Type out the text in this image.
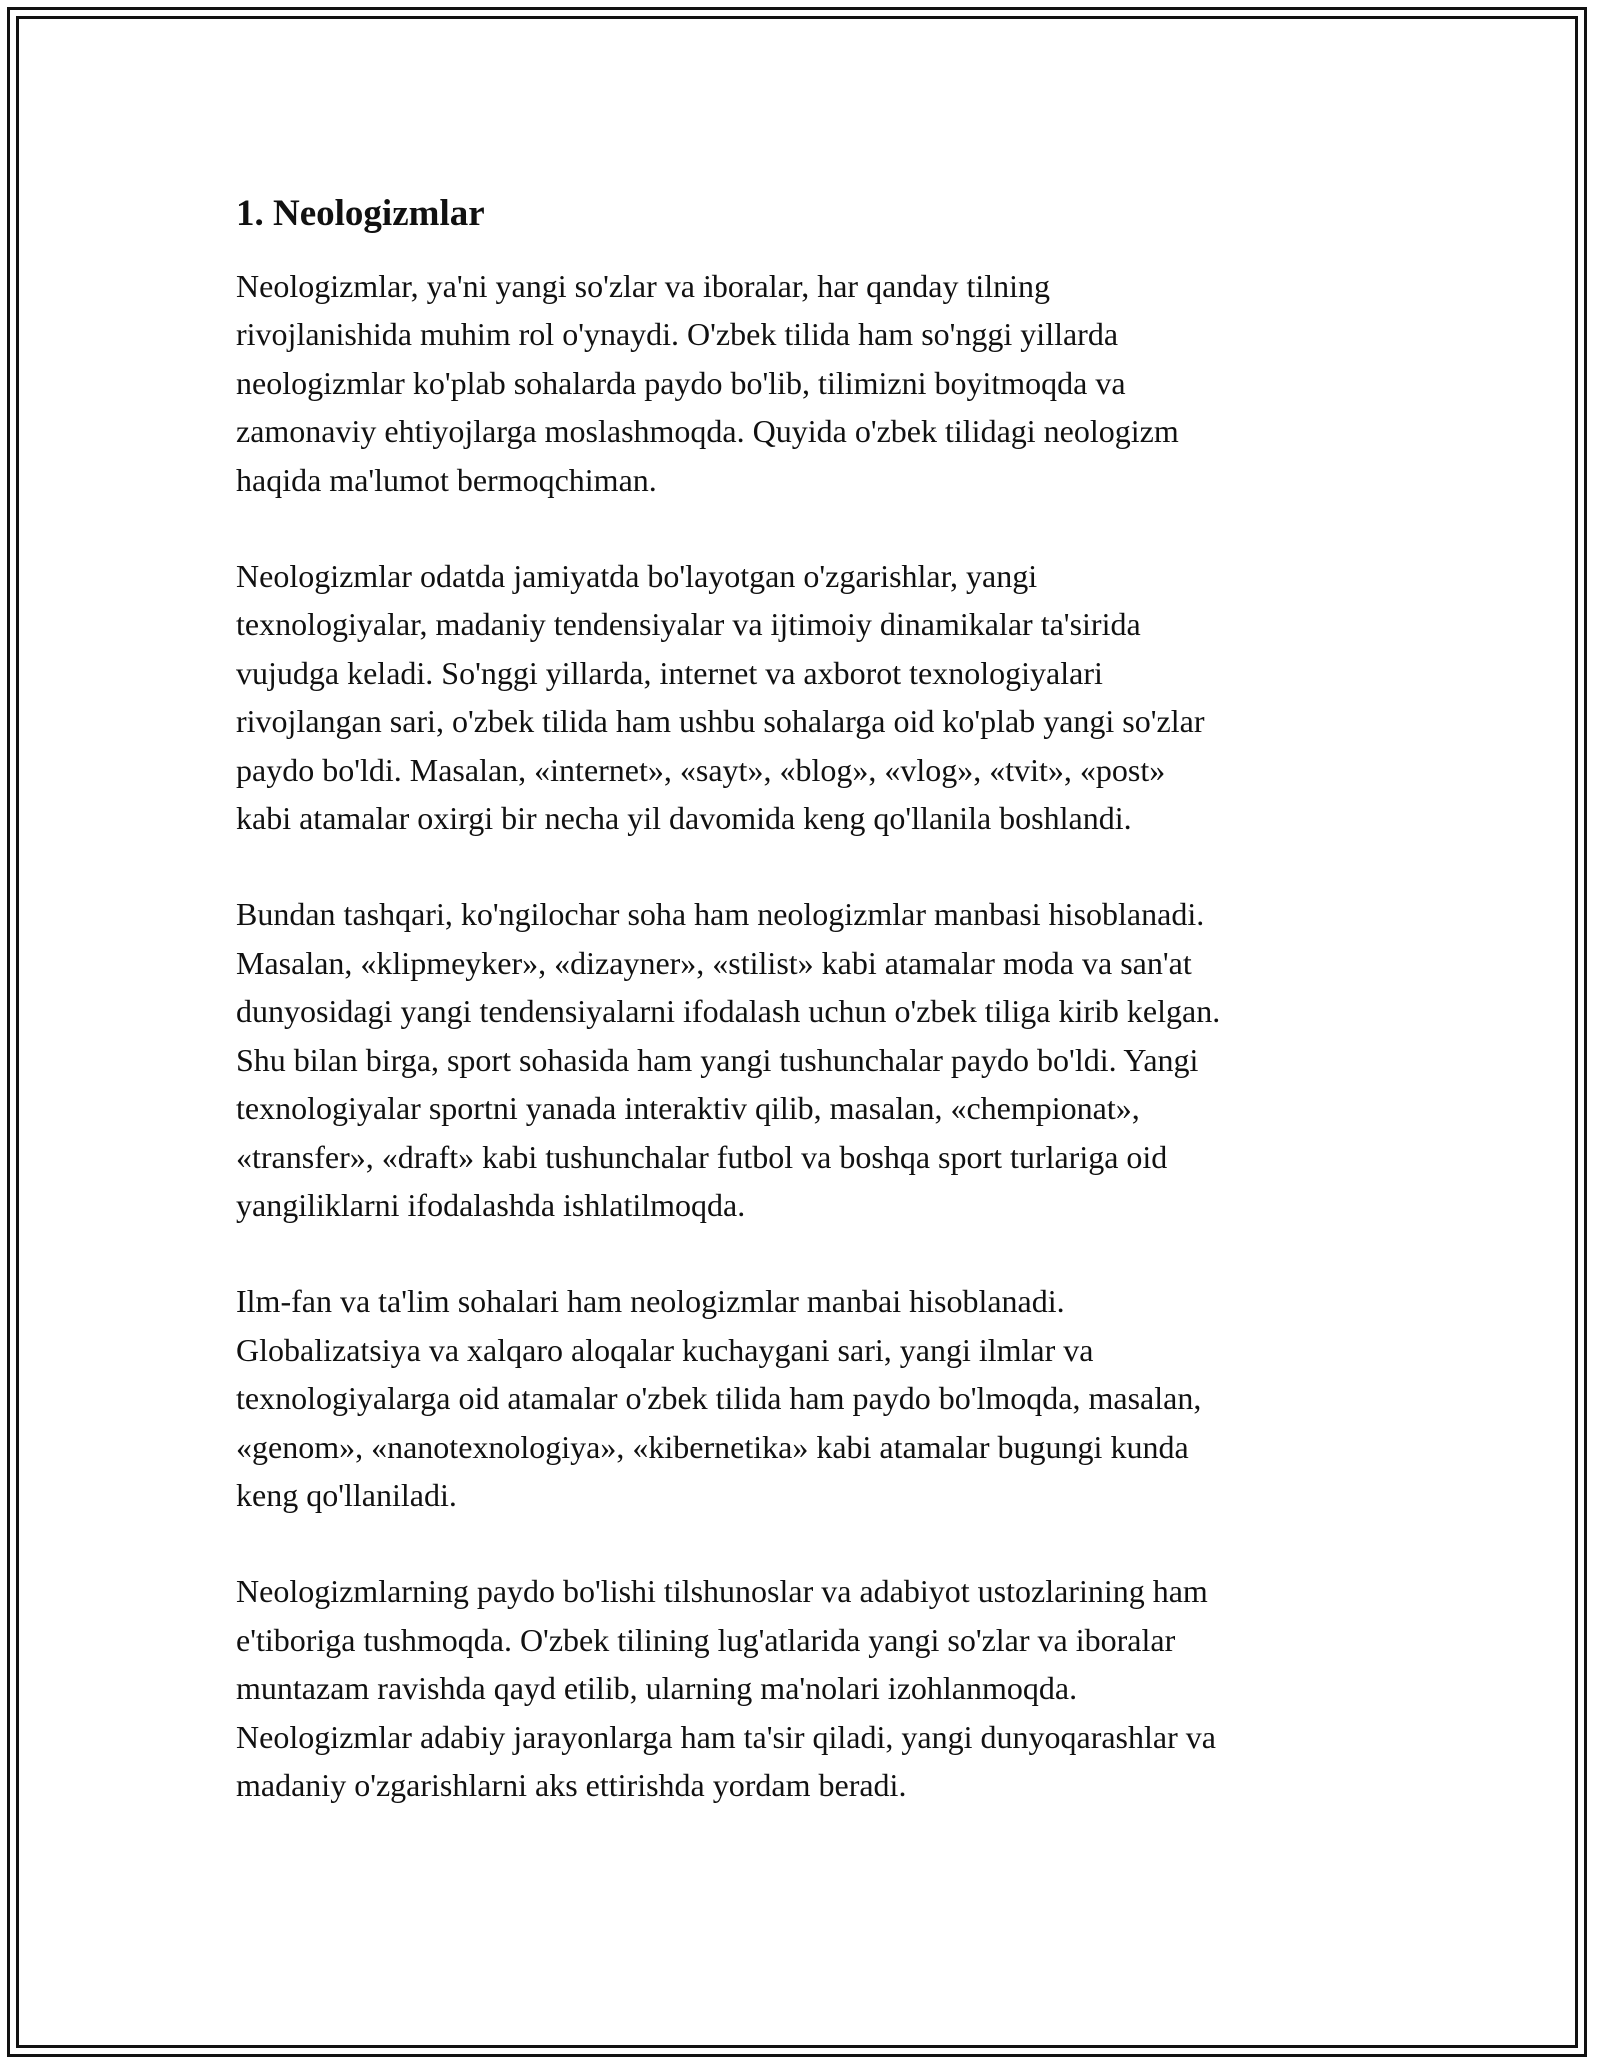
1. Neologizmlar

Neologizmlar, ya'ni yangi so'zlar va iboralar, har qanday tilning
rivojlanishida muhim rol o'ynaydi. O'zbek tilida ham so'nggi yillarda
neologizmlar ko'plab sohalarda paydo bo'lib, tilimizni boyitmoqda va
zamonaviy ehtiyojlarga moslashmoqda. Quyida o'zbek tilidagi neologizm
haqida ma'lumot bermoqchiman.

Neologizmlar odatda jamiyatda bo'layotgan o'zgarishlar, yangi
texnologiyalar, madaniy tendensiyalar va ijtimoiy dinamikalar ta'sirida
vujudga keladi. So'nggi yillarda, internet va axborot texnologiyalari
rivojlangan sari, o'zbek tilida ham ushbu sohalarga oid ko'plab yangi so'zlar
paydo bo'ldi. Masalan, «internet», «sayt», «blog», «vlog», «tvit», «post»
kabi atamalar oxirgi bir necha yil davomida keng qo'llanila boshlandi.

Bundan tashqari, ko'ngilochar soha ham neologizmlar manbasi hisoblanadi.
Masalan, «klipmeyker», «dizayner», «stilist» kabi atamalar moda va san'at
dunyosidagi yangi tendensiyalarni ifodalash uchun o'zbek tiliga kirib kelgan.
Shu bilan birga, sport sohasida ham yangi tushunchalar paydo bo'ldi. Yangi
texnologiyalar sportni yanada interaktiv qilib, masalan, «chempionat»,
«transfer», «draft» kabi tushunchalar futbol va boshqa sport turlariga oid
yangiliklarni ifodalashda ishlatilmoqda.

Ilm-fan va ta'lim sohalari ham neologizmlar manbai hisoblanadi.
Globalizatsiya va xalqaro aloqalar kuchaygani sari, yangi ilmlar va
texnologiyalarga oid atamalar o'zbek tilida ham paydo bo'lmoqda, masalan,
«genom», «nanotexnologiya», «kibernetika» kabi atamalar bugungi kunda
keng qo'llaniladi.

Neologizmlarning paydo bo'lishi tilshunoslar va adabiyot ustozlarining ham
e'tiboriga tushmoqda. O'zbek tilining lug'atlarida yangi so'zlar va iboralar
muntazam ravishda qayd etilib, ularning ma'nolari izohlanmoqda.
Neologizmlar adabiy jarayonlarga ham ta'sir qiladi, yangi dunyoqarashlar va
madaniy o'zgarishlarni aks ettirishda yordam beradi.
